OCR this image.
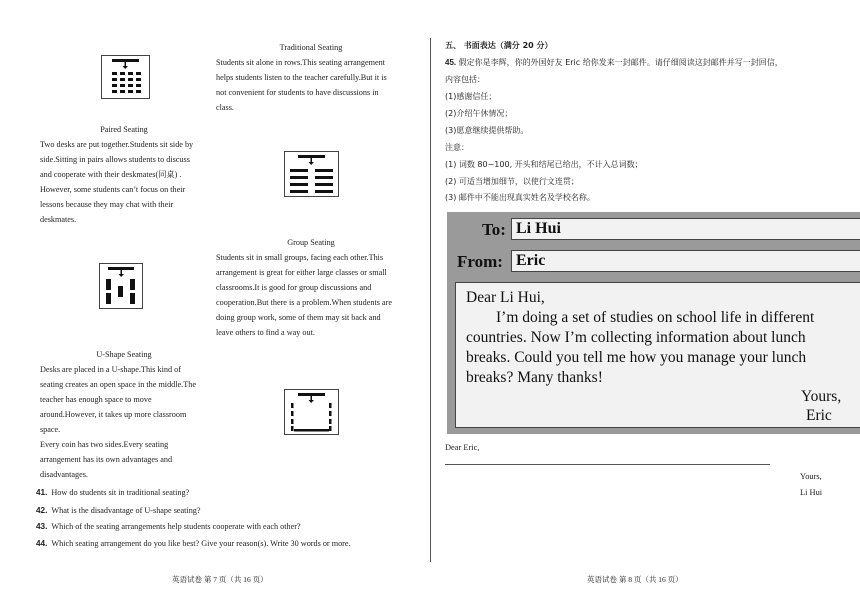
Traditional Seating
Students sit alone in rows.This seating arrangement
helps students listen to the teacher carefully.But it is
not convenient for students to have discussions in
class.
Paired Seating
Two desks are put together.Students sit side by
side.Sitting in pairs allows students to discuss
and cooperate with their deskmates(同桌) .
However, some students can’t focus on their
lessons because they may chat with their
deskmates.
Group Seating
Students sit in small groups, facing each other.This
arrangement is great for either large classes or small
classrooms.It is good for group discussions and
cooperation.But there is a problem.When students are
doing group work, some of them may sit back and
leave others to find a way out.
U-Shape Seating
Desks are placed in a U-shape.This kind of
seating creates an open space in the middle.The
teacher has enough space to move
around.However, it takes up more classroom
space.
Every coin has two sides.Every seating
arrangement has its own advantages and
disadvantages.
41. How do students sit in traditional seating?
42. What is the disadvantage of U-shape seating?
43. Which of the seating arrangements help students cooperate with each other?
44. Which seating arrangement do you like best? Give your reason(s). Write 30 words or more.
英语试卷 第 7 页（共 16 页）
五、 书面表达（满分 20 分）
45. 假定你是李辉，你的外国好友 Eric 给你发来一封邮件。请仔细阅读这封邮件并写一封回信，
内容包括：
(1)感谢信任；
(2)介绍午休情况；
(3)愿意继续提供帮助。
注意：
(1) 词数 80~100, 开头和结尾已给出，不计入总词数；
(2) 可适当增加细节，以使行文连贯；
(3) 邮件中不能出现真实姓名及学校名称。
To: Li Hui
From: Eric

Dear Li Hui,

I’m doing a set of studies on school life in different

countries. Now I’m collecting information about lunch

breaks. Could you tell me how you manage your lunch

breaks? Many thanks!

Yours,

Eric

Dear Eric,
Yours,
Li Hui
英语试卷 第 8 页（共 16 页）
